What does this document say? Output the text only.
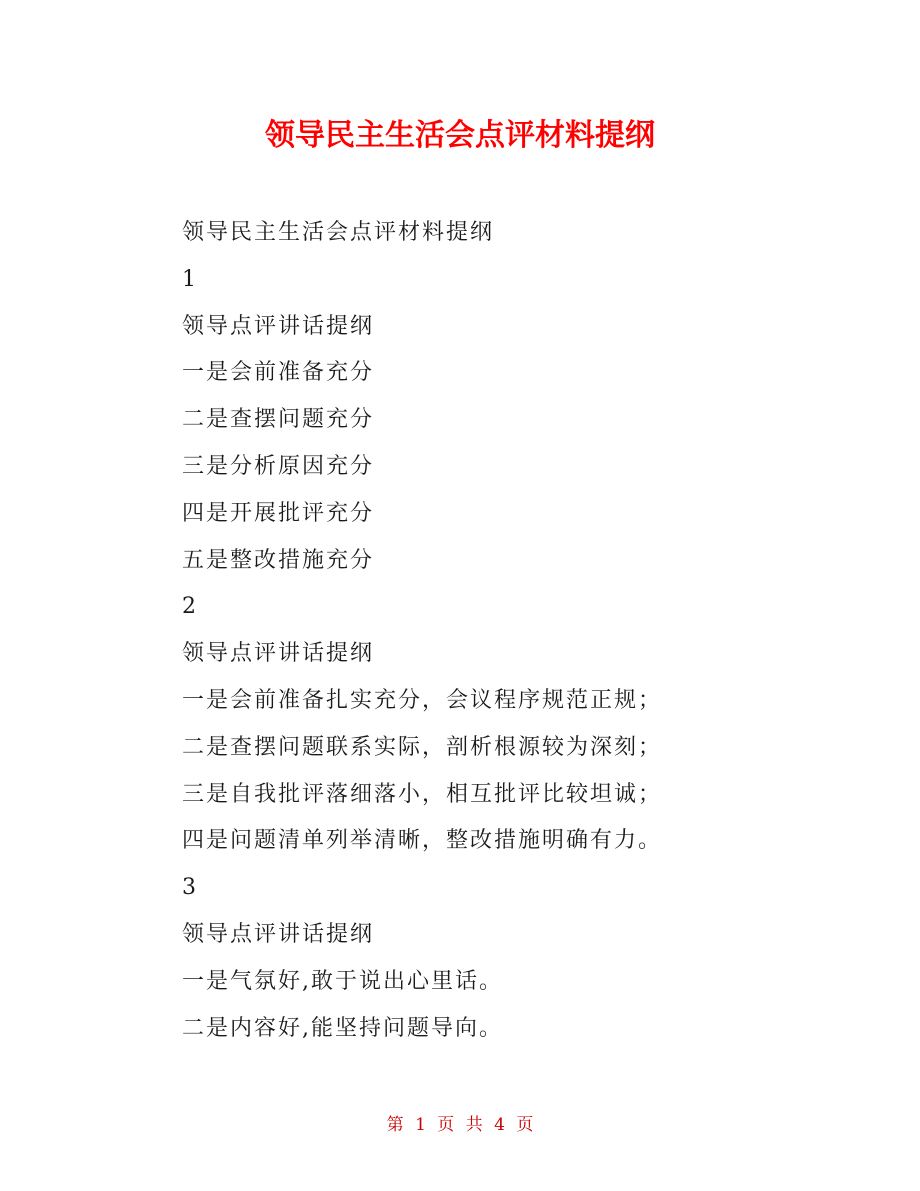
领导民主生活会点评材料提纲

领导民主生活会点评材料提纲

1

领导点评讲话提纲

一是会前准备充分

二是查摆问题充分

三是分析原因充分

四是开展批评充分

五是整改措施充分

2

领导点评讲话提纲

一是会前准备扎实充分，会议程序规范正规；

二是查摆问题联系实际，剖析根源较为深刻；

三是自我批评落细落小，相互批评比较坦诚；

四是问题清单列举清晰，整改措施明确有力。

3

领导点评讲话提纲

一是气氛好,敢于说出心里话。

二是内容好,能坚持问题导向。

第 1 页 共 4 页
